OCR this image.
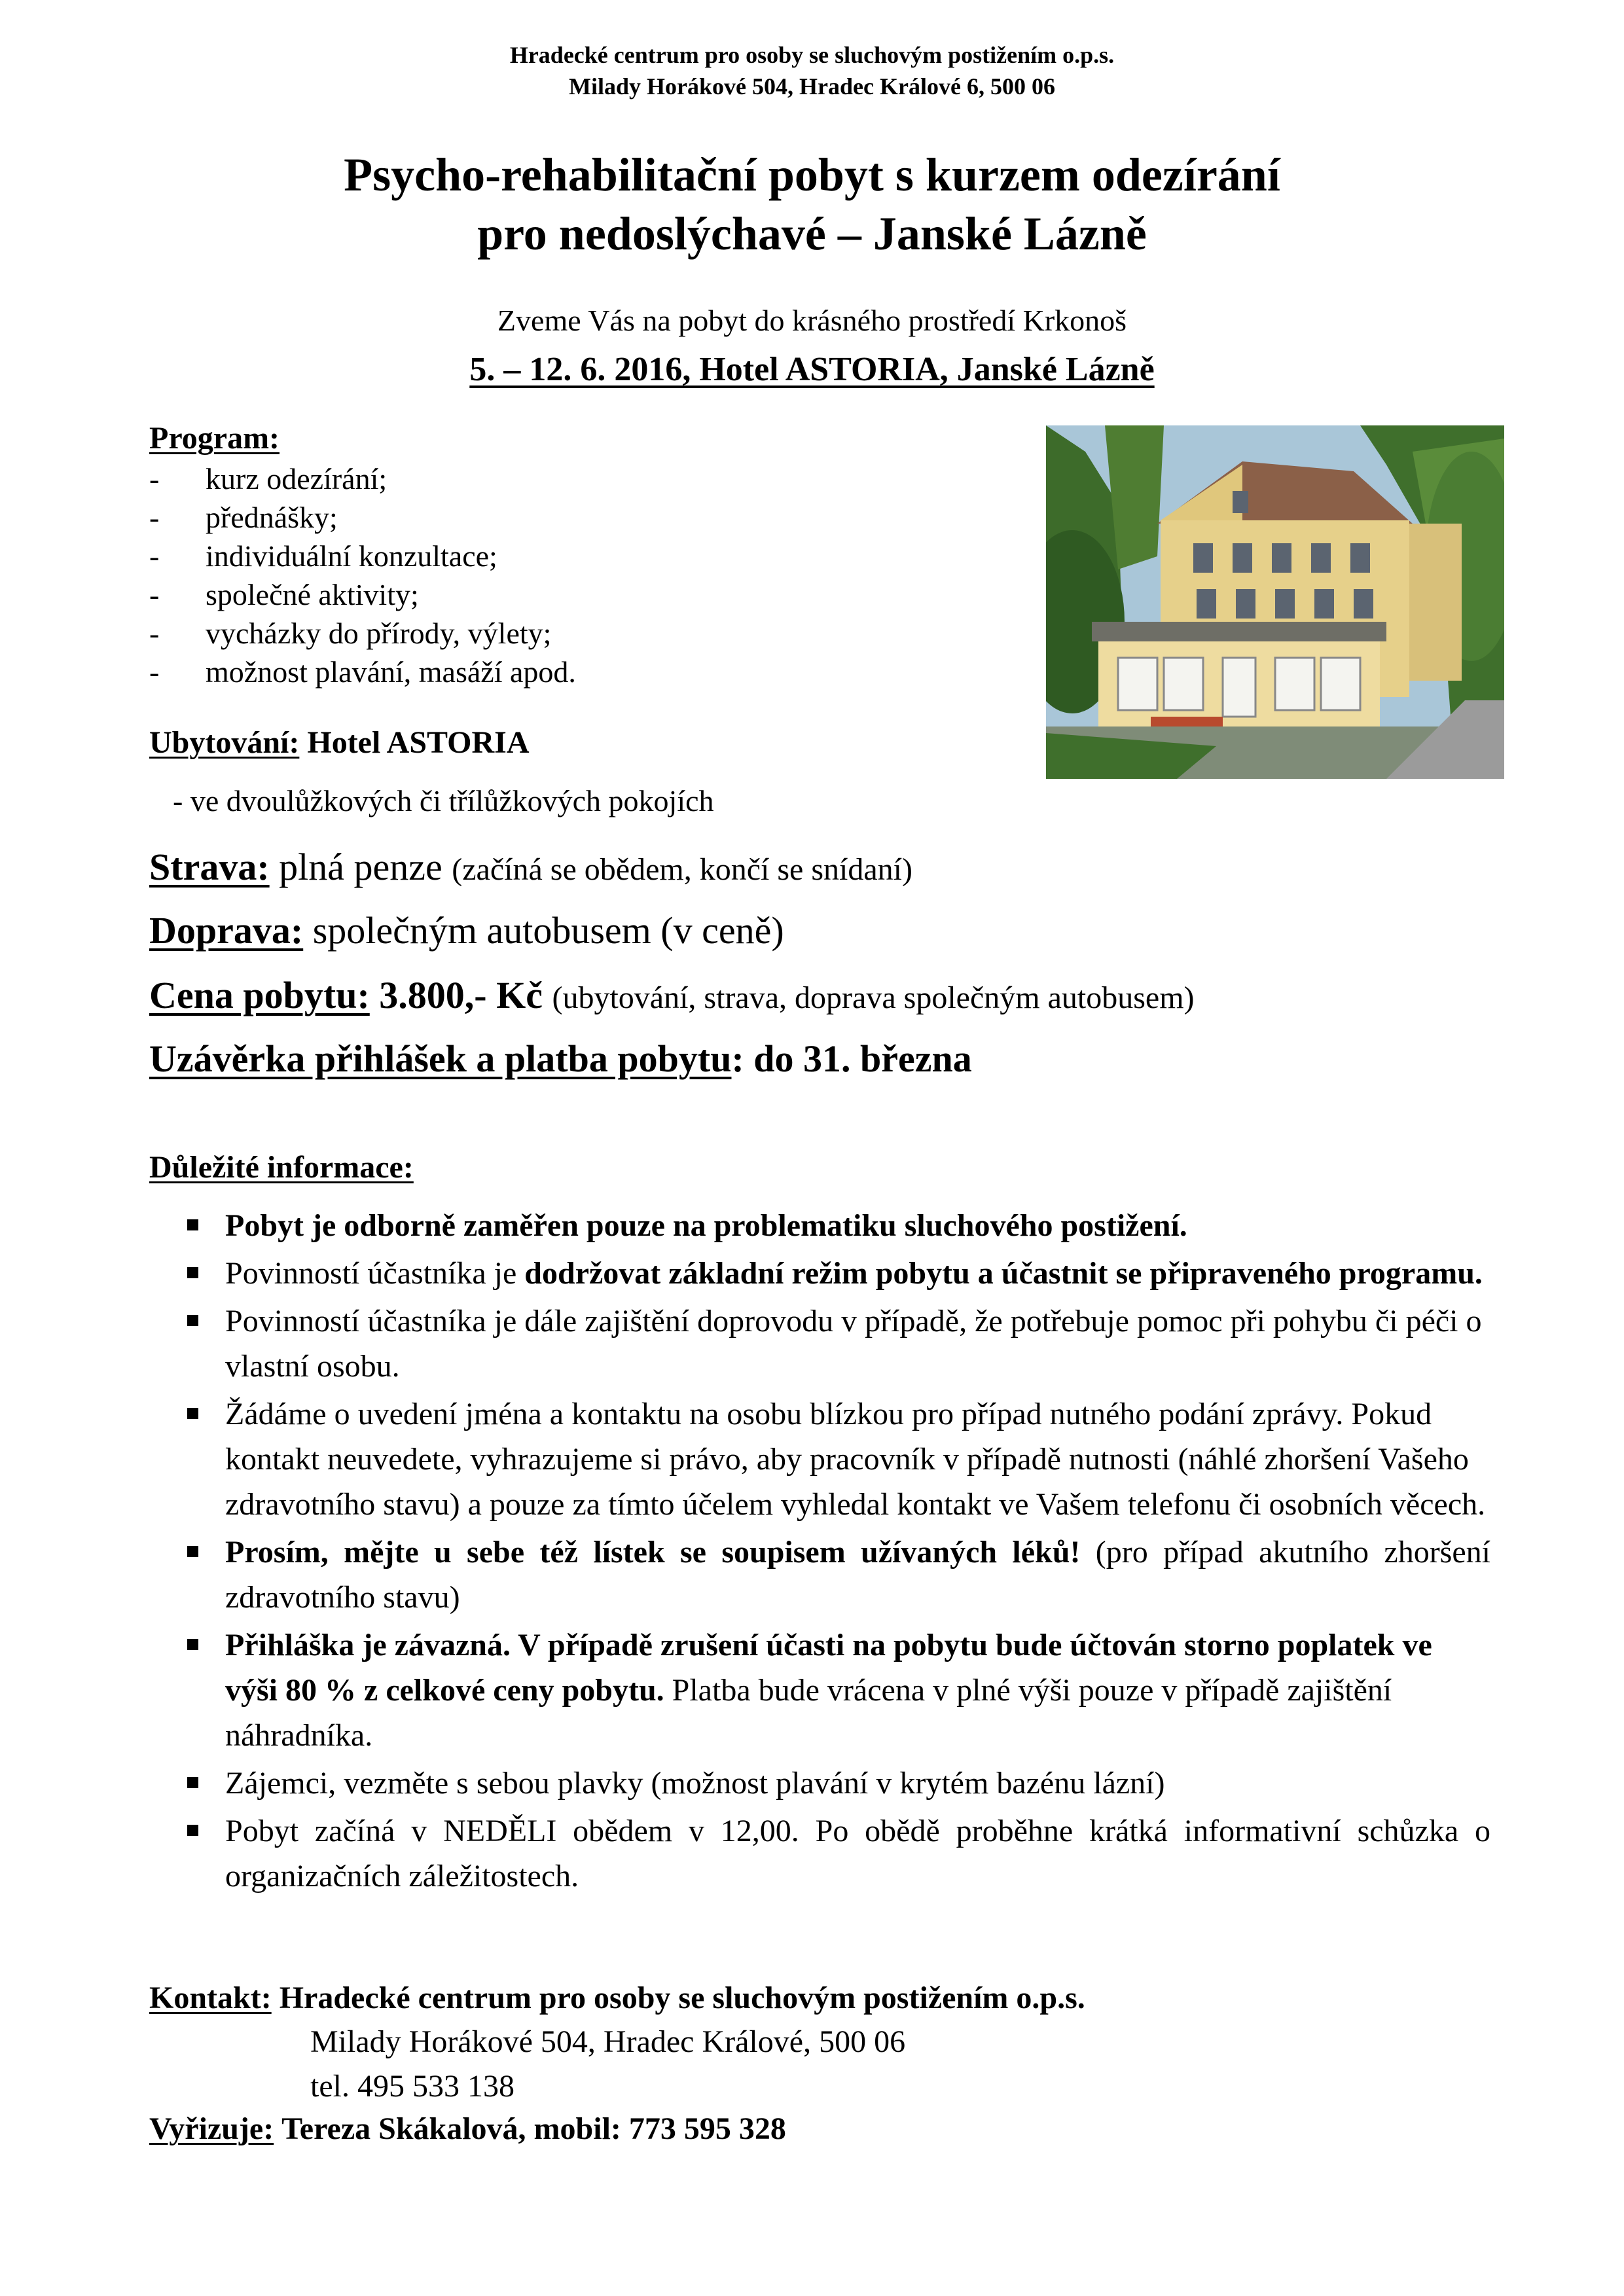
Hradecké centrum pro osoby se sluchovým postižením o.p.s.
Milady Horákové 504, Hradec Králové 6, 500 06
Psycho-rehabilitační pobyt s kurzem odezírání
pro nedoslýchavé – Janské Lázně
Zveme Vás na pobyt do krásného prostředí Krkonoš
5. – 12. 6. 2016, Hotel ASTORIA, Janské Lázně
Program:
- kurz odezírání;
- přednášky;
- individuální konzultace;
- společné aktivity;
- vycházky do přírody, výlety;
- možnost plavání, masáží apod.
Ubytování: Hotel ASTORIA
- ve dvoulůžkových či třílůžkových pokojích
Strava: plná penze (začíná se obědem, končí se snídaní)
Doprava: společným autobusem (v ceně)
Cena pobytu: 3.800,- Kč (ubytování, strava, doprava společným autobusem)
Uzávěrka přihlášek a platba pobytu: do 31. března
Důležité informace:
Pobyt je odborně zaměřen pouze na problematiku sluchového postižení.
Povinností účastníka je dodržovat základní režim pobytu a účastnit se připraveného programu.
Povinností účastníka je dále zajištění doprovodu v případě, že potřebuje pomoc při pohybu či péči o vlastní osobu.
Žádáme o uvedení jména a kontaktu na osobu blízkou pro případ nutného podání zprávy. Pokud kontakt neuvedete, vyhrazujeme si právo, aby pracovník v případě nutnosti (náhlé zhoršení Vašeho zdravotního stavu) a pouze za tímto účelem vyhledal kontakt ve Vašem telefonu či osobních věcech.
Prosím, mějte u sebe též lístek se soupisem užívaných léků! (pro případ akutního zhoršení zdravotního stavu)
Přihláška je závazná. V případě zrušení účasti na pobytu bude účtován storno poplatek ve výši 80 % z celkové ceny pobytu. Platba bude vrácena v plné výši pouze v případě zajištění náhradníka.
Zájemci, vezměte s sebou plavky (možnost plavání v krytém bazénu lázní)
Pobyt začíná v NEDĚLI obědem v 12,00. Po obědě proběhne krátká informativní schůzka o organizačních záležitostech.
Kontakt: Hradecké centrum pro osoby se sluchovým postižením o.p.s.
Milady Horákové 504, Hradec Králové, 500 06
tel. 495 533 138
Vyřizuje: Tereza Skákalová, mobil: 773 595 328
